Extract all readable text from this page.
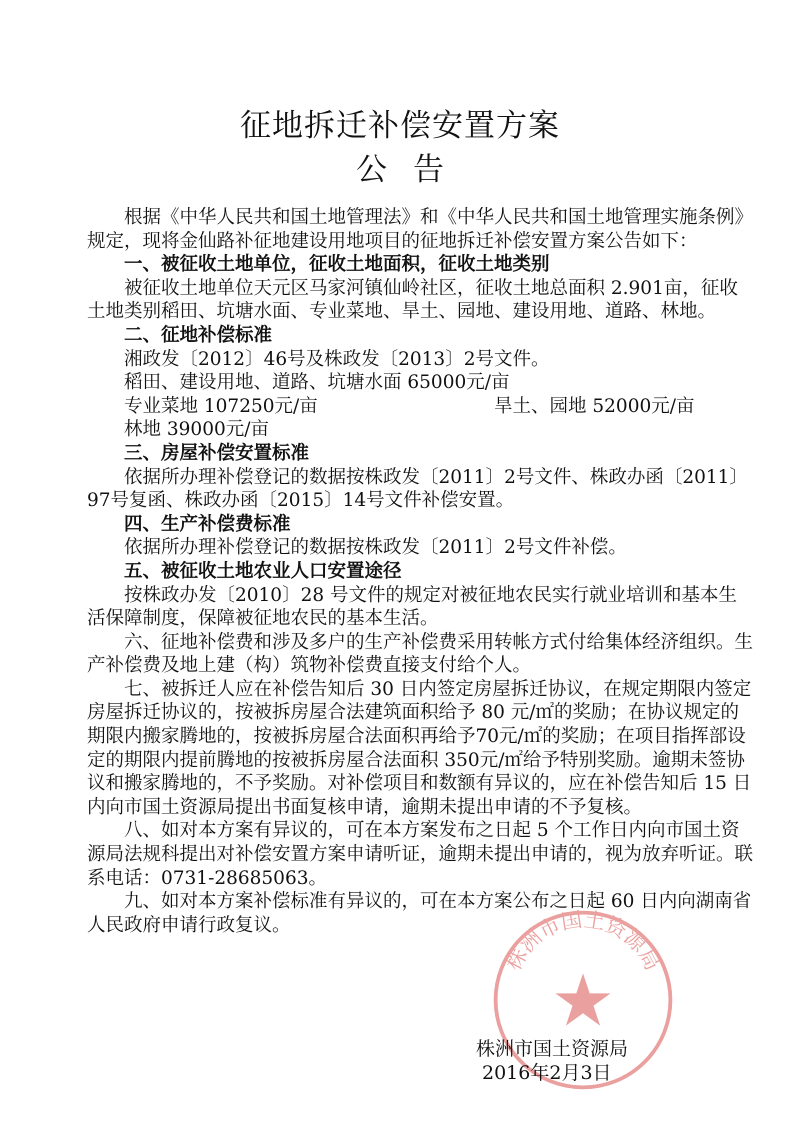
征地拆迁补偿安置方案
公告

根据《中华人民共和国土地管理法》和《中华人民共和国土地管理实施条例》规定，现将金仙路补征地建设用地项目的征地拆迁补偿安置方案公告如下：

一、被征收土地单位，征收土地面积，征收土地类别

被征收土地单位天元区马家河镇仙岭社区，征收土地总面积 2.901亩，征收土地类别稻田、坑塘水面、专业菜地、旱土、园地、建设用地、道路、林地。

二、征地补偿标准

湘政发〔2012〕46号及株政发〔2013〕2号文件。

稻田、建设用地、道路、坑塘水面 65000元/亩

专业菜地 107250元/亩	旱土、园地 52000元/亩

林地 39000元/亩

三、房屋补偿安置标准

依据所办理补偿登记的数据按株政发〔2011〕2号文件、株政办函〔2011〕97号复函、株政办函〔2015〕14号文件补偿安置。

四、生产补偿费标准

依据所办理补偿登记的数据按株政发〔2011〕2号文件补偿。

五、被征收土地农业人口安置途径

按株政办发〔2010〕28 号文件的规定对被征地农民实行就业培训和基本生活保障制度，保障被征地农民的基本生活。

六、征地补偿费和涉及多户的生产补偿费采用转帐方式付给集体经济组织。生产补偿费及地上建（构）筑物补偿费直接支付给个人。

七、被拆迁人应在补偿告知后 30 日内签定房屋拆迁协议，在规定期限内签定房屋拆迁协议的，按被拆房屋合法建筑面积给予 80 元/㎡的奖励；在协议规定的期限内搬家腾地的，按被拆房屋合法面积再给予70元/㎡的奖励；在项目指挥部设定的期限内提前腾地的按被拆房屋合法面积 350元/㎡给予特别奖励。逾期未签协议和搬家腾地的，不予奖励。对补偿项目和数额有异议的，应在补偿告知后 15 日内向市国土资源局提出书面复核申请，逾期未提出申请的不予复核。

八、如对本方案有异议的，可在本方案发布之日起 5 个工作日内向市国土资源局法规科提出对补偿安置方案申请听证，逾期未提出申请的，视为放弃听证。联系电话：0731-28685063。

九、如对本方案补偿标准有异议的，可在本方案公布之日起 60 日内向湖南省人民政府申请行政复议。

株洲市国土资源局
株洲市国土资源局
2016年2月3日
